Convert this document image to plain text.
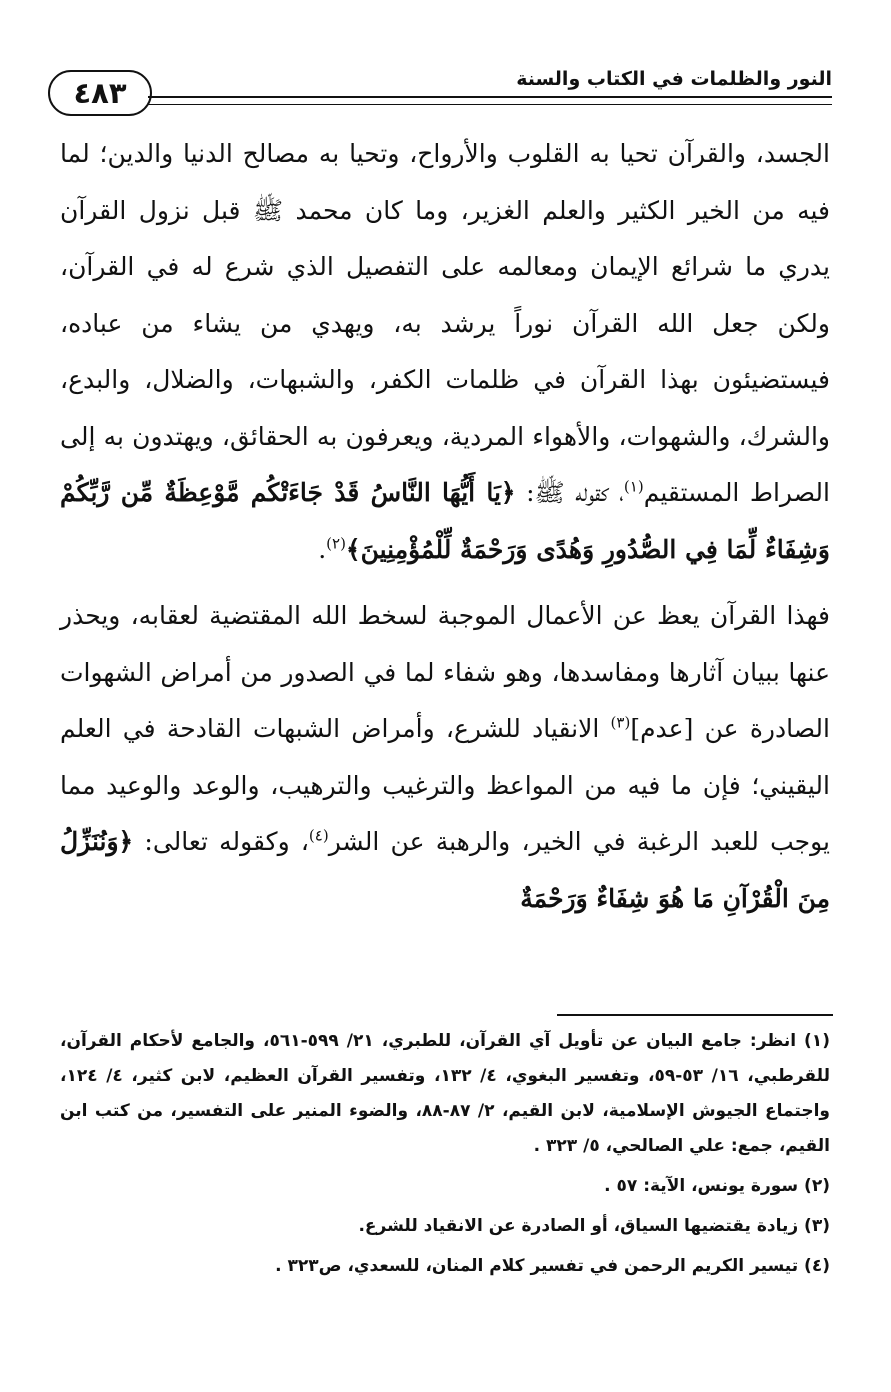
٤٨٣	النور والظلمات في الكتاب والسنة

الجسد، والقرآن تحيا به القلوب والأرواح، وتحيا به مصالح الدنيا والدين؛ لما فيه من الخير الكثير والعلم الغزير، وما كان محمد ﷺ قبل نزول القرآن يدري ما شرائع الإيمان ومعالمه على التفصيل الذي شرع له في القرآن، ولكن جعل الله القرآن نوراً يرشد به، ويهدي من يشاء من عباده، فيستضيئون بهذا القرآن في ظلمات الكفر، والشبهات، والضلال، والبدع، والشرك، والشهوات، والأهواء المردية، ويعرفون به الحقائق، ويهتدون به إلى الصراط المستقيم$^{(١)}$، كقوله ﷺ: ﴿يَا أَيُّهَا النَّاسُ قَدْ جَاءَتْكُم مَّوْعِظَةٌ مِّن رَّبِّكُمْ وَشِفَاءٌ لِّمَا فِي الصُّدُورِ وَهُدًى وَرَحْمَةٌ لِّلْمُؤْمِنِينَ﴾$^{(٢)}$.

فهذا القرآن يعظ عن الأعمال الموجبة لسخط الله المقتضية لعقابه، ويحذر عنها ببيان آثارها ومفاسدها، وهو شفاء لما في الصدور من أمراض الشهوات الصادرة عن [عدم]$^{(٣)}$ الانقياد للشرع، وأمراض الشبهات القادحة في العلم اليقيني؛ فإن ما فيه من المواعظ والترغيب والترهيب، والوعد والوعيد مما يوجب للعبد الرغبة في الخير، والرهبة عن الشر$^{(٤)}$، وكقوله تعالى: ﴿وَنُنَزِّلُ مِنَ الْقُرْآنِ مَا هُوَ شِفَاءٌ وَرَحْمَةٌ

(١) انظر: جامع البيان عن تأويل آي القرآن، للطبري، ٢١/ ٥٩٩-٥٦١، والجامع لأحكام القرآن، للقرطبي، ١٦/ ٥٣-٥٩، وتفسير البغوي، ٤/ ١٣٢، وتفسير القرآن العظيم، لابن كثير، ٤/ ١٢٤، واجتماع الجيوش الإسلامية، لابن القيم، ٢/ ٨٧-٨٨، والضوء المنير على التفسير، من كتب ابن القيم، جمع: علي الصالحي، ٥/ ٣٢٣ .

(٢) سورة يونس، الآية: ٥٧ .

(٣) زيادة يقتضيها السياق، أو الصادرة عن الانقياد للشرع.

(٤) تيسير الكريم الرحمن في تفسير كلام المنان، للسعدي، ص٣٢٣ .
